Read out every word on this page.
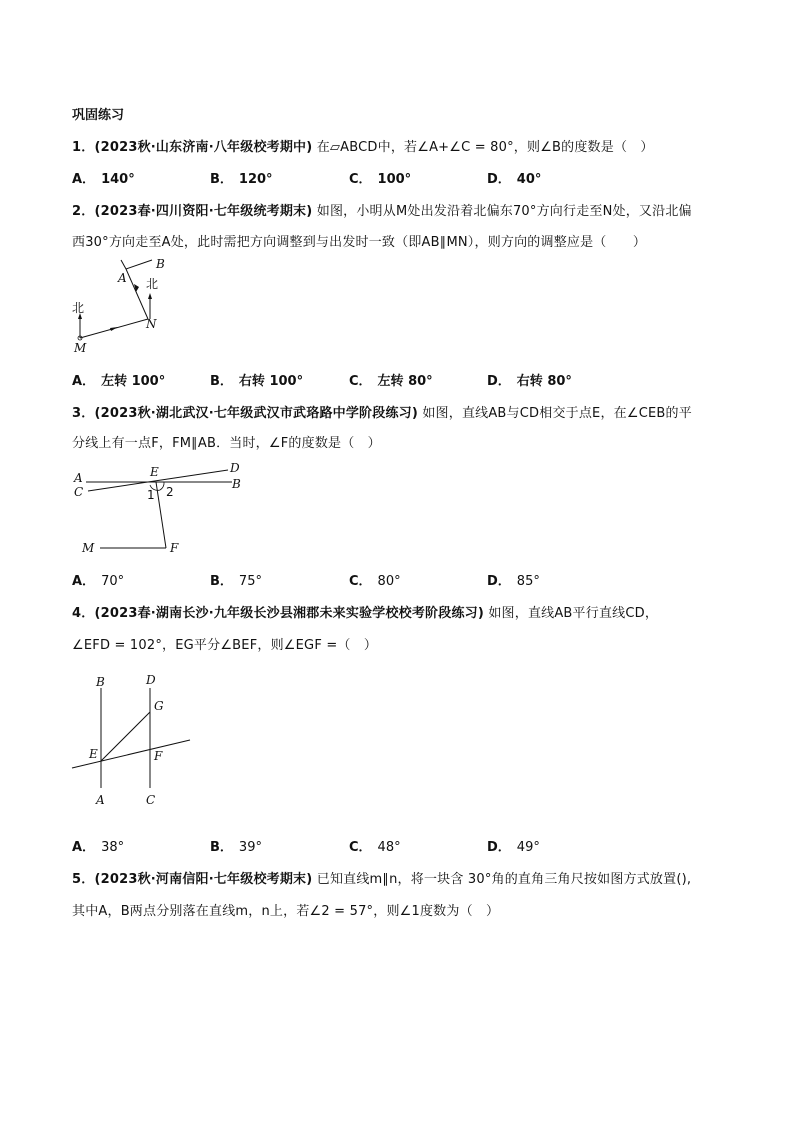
巩固练习
1．(2023秋·山东济南·八年级校考期中) 在▱ABCD中，若∠A+∠C = 80°，则∠B的度数是（　）
A． 140°	B． 120°	C． 100°	D． 40°
2．(2023春·四川资阳·七年级统考期末) 如图，小明从M处出发沿着北偏东70°方向行走至N处，又沿北偏
西30°方向走至A处，此时需把方向调整到与出发时一致（即AB∥MN），则方向的调整应是（　　）
B
A 北
北
N
M
A． 左转 100°	B． 右转 100°	C． 左转 80°	D． 右转 80°
3．(2023秋·湖北武汉·七年级武汉市武珞路中学阶段练习) 如图，直线AB与CD相交于点E，在∠CEB的平
分线上有一点F，FM∥AB．当时，∠F的度数是（　）
A
C
E	D
B
1 2
M	F
A． 70°	B． 75°	C． 80°	D． 85°
4．(2023春·湖南长沙·九年级长沙县湘郡未来实验学校校考阶段练习) 如图，直线AB平行直线CD，
∠EFD = 102°，EG平分∠BEF，则∠EGF =（　）
B	D
G
E	F
A	C
A． 38°	B． 39°	C． 48°	D． 49°
5．(2023秋·河南信阳·七年级校考期末) 已知直线m∥n，将一块含 30°角的直角三角尺按如图方式放置(),
其中A，B两点分别落在直线m，n上，若∠2 = 57°，则∠1度数为（　）
